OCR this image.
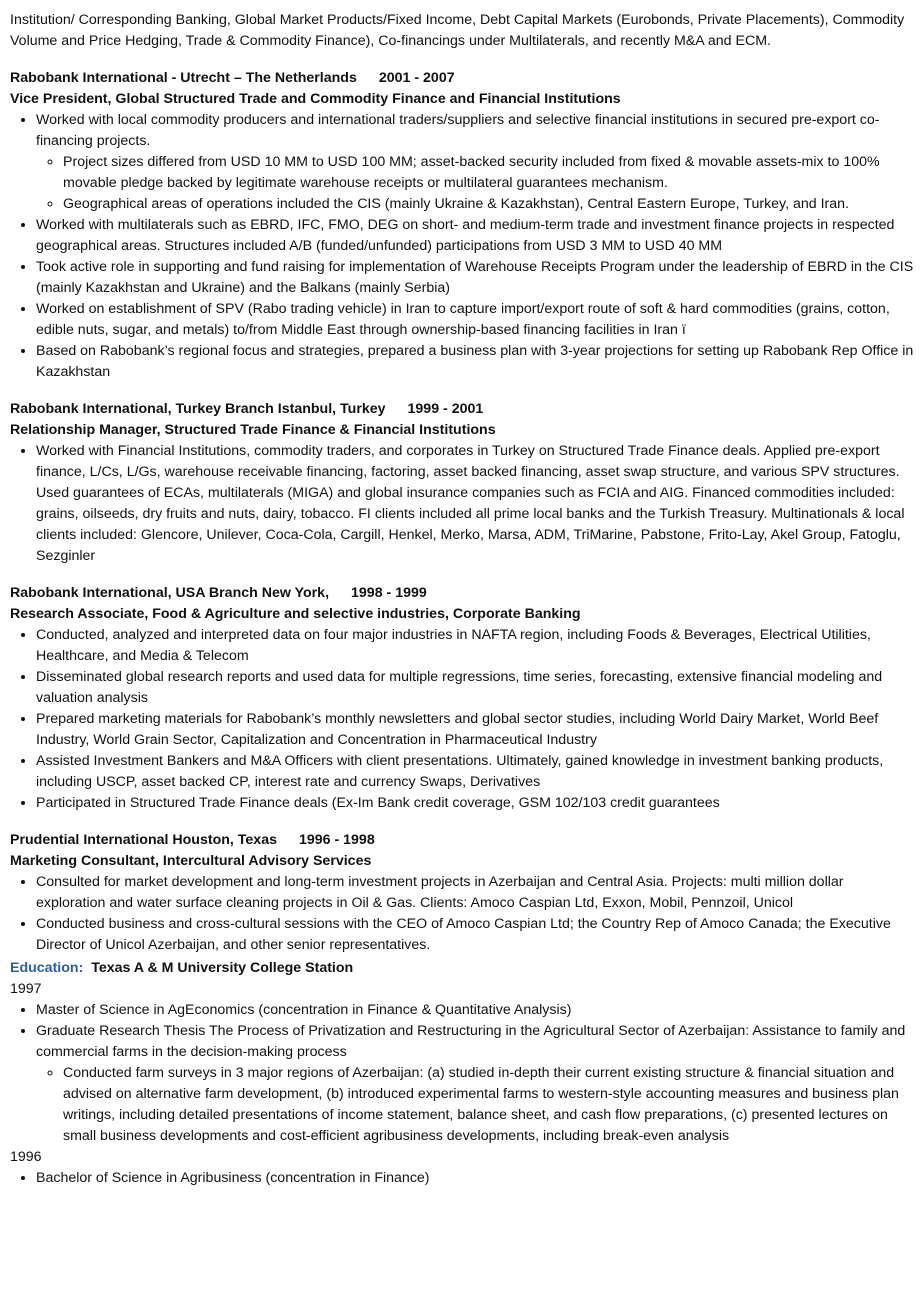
Institution/ Corresponding Banking, Global Market Products/Fixed Income, Debt Capital Markets (Eurobonds, Private Placements), Commodity Volume and Price Hedging, Trade & Commodity Finance), Co-financings under Multilaterals, and recently M&A and ECM.

Rabobank International - Utrecht – The Netherlands 2001 - 2007

Vice President, Global Structured Trade and Commodity Finance and Financial Institutions

• Worked with local commodity producers and international traders/suppliers and selective financial institutions in secured pre-export co-financing projects.
◦ Project sizes differed from USD 10 MM to USD 100 MM; asset-backed security included from fixed & movable assets-mix to 100% movable pledge backed by legitimate warehouse receipts or multilateral guarantees mechanism.
◦ Geographical areas of operations included the CIS (mainly Ukraine & Kazakhstan), Central Eastern Europe, Turkey, and Iran.
• Worked with multilaterals such as EBRD, IFC, FMO, DEG on short- and medium-term trade and investment finance projects in respected geographical areas. Structures included A/B (funded/unfunded) participations from USD 3 MM to USD 40 MM
• Took active role in supporting and fund raising for implementation of Warehouse Receipts Program under the leadership of EBRD in the CIS (mainly Kazakhstan and Ukraine) and the Balkans (mainly Serbia)
• Worked on establishment of SPV (Rabo trading vehicle) in Iran to capture import/export route of soft & hard commodities (grains, cotton, edible nuts, sugar, and metals) to/from Middle East through ownership-based financing facilities in Iran ï
• Based on Rabobank’s regional focus and strategies, prepared a business plan with 3-year projections for setting up Rabobank Rep Office in Kazakhstan

Rabobank International, Turkey Branch Istanbul, Turkey 1999 - 2001

Relationship Manager, Structured Trade Finance & Financial Institutions

• Worked with Financial Institutions, commodity traders, and corporates in Turkey on Structured Trade Finance deals. Applied pre-export finance, L/Cs, L/Gs, warehouse receivable financing, factoring, asset backed financing, asset swap structure, and various SPV structures. Used guarantees of ECAs, multilaterals (MIGA) and global insurance companies such as FCIA and AIG. Financed commodities included: grains, oilseeds, dry fruits and nuts, dairy, tobacco. FI clients included all prime local banks and the Turkish Treasury. Multinationals & local clients included: Glencore, Unilever, Coca-Cola, Cargill, Henkel, Merko, Marsa, ADM, TriMarine, Pabstone, Frito-Lay, Akel Group, Fatoglu, Sezginler

Rabobank International, USA Branch New York, 1998 - 1999

Research Associate, Food & Agriculture and selective industries, Corporate Banking

• Conducted, analyzed and interpreted data on four major industries in NAFTA region, including Foods & Beverages, Electrical Utilities, Healthcare, and Media & Telecom
• Disseminated global research reports and used data for multiple regressions, time series, forecasting, extensive financial modeling and valuation analysis
• Prepared marketing materials for Rabobank’s monthly newsletters and global sector studies, including World Dairy Market, World Beef Industry, World Grain Sector, Capitalization and Concentration in Pharmaceutical Industry
• Assisted Investment Bankers and M&A Officers with client presentations. Ultimately, gained knowledge in investment banking products, including USCP, asset backed CP, interest rate and currency Swaps, Derivatives
• Participated in Structured Trade Finance deals (Ex-Im Bank credit coverage, GSM 102/103 credit guarantees

Prudential International Houston, Texas 1996 - 1998

Marketing Consultant, Intercultural Advisory Services

• Consulted for market development and long-term investment projects in Azerbaijan and Central Asia. Projects: multi million dollar exploration and water surface cleaning projects in Oil & Gas. Clients: Amoco Caspian Ltd, Exxon, Mobil, Pennzoil, Unicol
• Conducted business and cross-cultural sessions with the CEO of Amoco Caspian Ltd; the Country Rep of Amoco Canada; the Executive Director of Unicol Azerbaijan, and other senior representatives.

Education: Texas A & M University College Station

1997

• Master of Science in AgEconomics (concentration in Finance & Quantitative Analysis)
• Graduate Research Thesis The Process of Privatization and Restructuring in the Agricultural Sector of Azerbaijan: Assistance to family and commercial farms in the decision-making process
◦ Conducted farm surveys in 3 major regions of Azerbaijan: (a) studied in-depth their current existing structure & financial situation and advised on alternative farm development, (b) introduced experimental farms to western-style accounting measures and business plan writings, including detailed presentations of income statement, balance sheet, and cash flow preparations, (c) presented lectures on small business developments and cost-efficient agribusiness developments, including break-even analysis

1996

• Bachelor of Science in Agribusiness (concentration in Finance)
